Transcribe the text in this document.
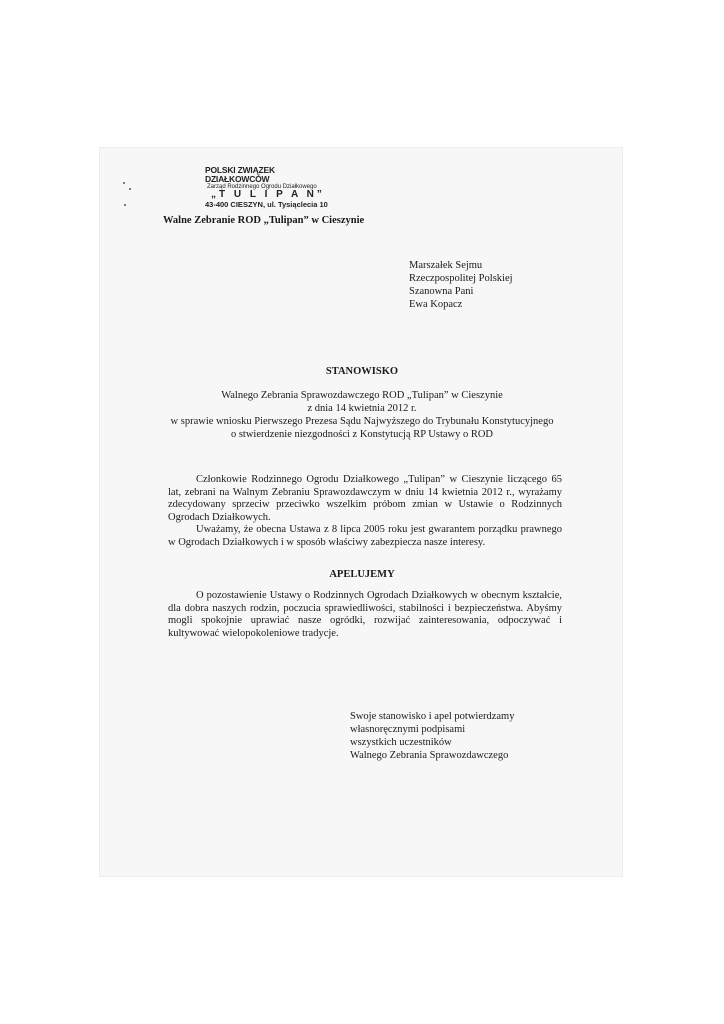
POLSKI ZWIĄZEK DZIAŁKOWCÓW
Zarząd Rodzinnego Ogrodu Działkowego
„T U L I P A N”
43-400 CIESZYN, ul. Tysiąclecia 10
Walne Zebranie ROD „Tulipan” w Cieszynie
Marszałek Sejmu
Rzeczpospolitej Polskiej
Szanowna Pani
Ewa Kopacz
STANOWISKO
Walnego Zebrania Sprawozdawczego ROD „Tulipan” w Cieszynie
z dnia 14 kwietnia 2012 r.
w sprawie wniosku Pierwszego Prezesa Sądu Najwyższego do Trybunału Konstytucyjnego
o stwierdzenie niezgodności z Konstytucją RP Ustawy o ROD

Członkowie Rodzinnego Ogrodu Działkowego „Tulipan” w Cieszynie liczącego 65 lat, zebrani na Walnym Zebraniu Sprawozdawczym w dniu 14 kwietnia 2012 r., wyrażamy zdecydowany sprzeciw przeciwko wszelkim próbom zmian w Ustawie o Rodzinnych Ogrodach Działkowych.

Uważamy, że obecna Ustawa z 8 lipca 2005 roku jest gwarantem porządku prawnego w Ogrodach Działkowych i w sposób właściwy zabezpiecza nasze interesy.

APELUJEMY

O pozostawienie Ustawy o Rodzinnych Ogrodach Działkowych w obecnym kształcie, dla dobra naszych rodzin, poczucia sprawiedliwości, stabilności i bezpieczeństwa. Abyśmy mogli spokojnie uprawiać nasze ogródki, rozwijać zainteresowania, odpoczywać i kultywować wielopokoleniowe tradycje.

Swoje stanowisko i apel potwierdzamy
własnoręcznymi podpisami
wszystkich uczestników
Walnego Zebrania Sprawozdawczego
